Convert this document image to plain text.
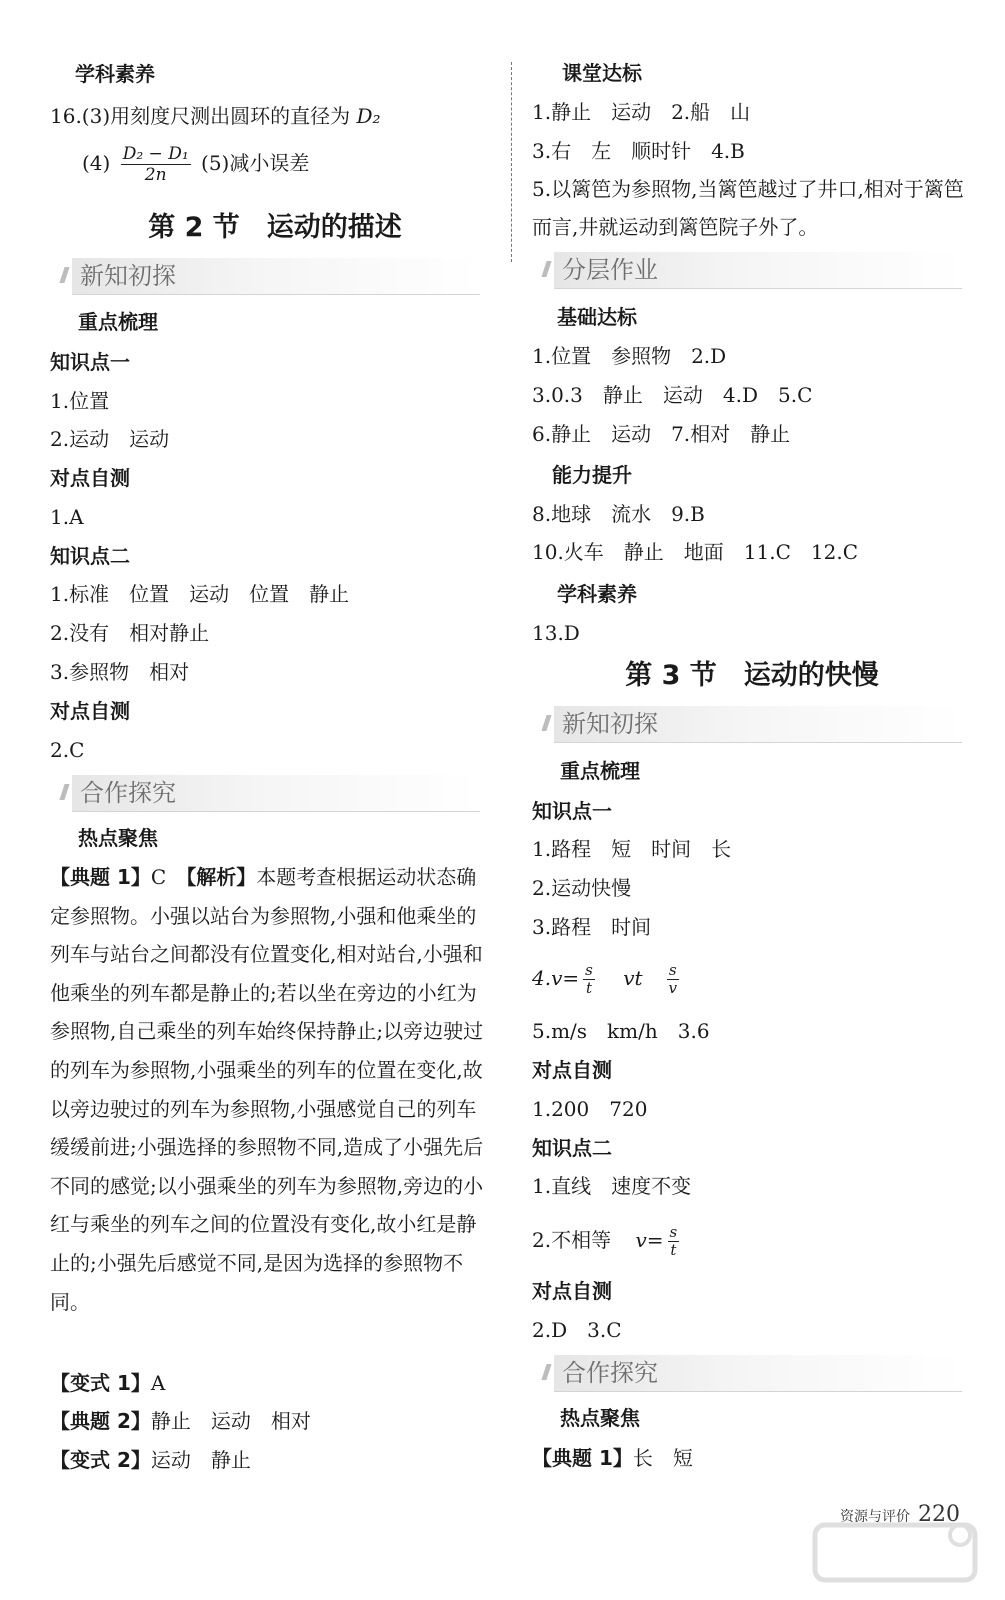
学科素养
16.(3)用刻度尺测出圆环的直径为 D₂
$(4) \frac{\text{D₂ − D₁}}{2n} (5)$减小误差
第 2 节　运动的描述
新知初探
重点梳理
知识点一
1.位置
2.运动　运动
对点自测
1.A
知识点二
1.标准　位置　运动　位置　静止
2.没有　相对静止
3.参照物　相对
对点自测
2.C
合作探究
热点聚焦
【典题 1】C　【解析】本题考查根据运动状态确定参照物。小强以站台为参照物,小强和他乘坐的列车与站台之间都没有位置变化,相对站台,小强和他乘坐的列车都是静止的;若以坐在旁边的小红为参照物,自己乘坐的列车始终保持静止;以旁边驶过的列车为参照物,小强乘坐的列车的位置在变化,故以旁边驶过的列车为参照物,小强感觉自己的列车缓缓前进;小强选择的参照物不同,造成了小强先后不同的感觉;以小强乘坐的列车为参照物,旁边的小红与乘坐的列车之间的位置没有变化,故小红是静止的;小强先后感觉不同,是因为选择的参照物不同。
【变式 1】A
【典题 2】静止　运动　相对
【变式 2】运动　静止
课堂达标
1.静止　运动　2.船　山
3.右　左　顺时针　4.B
5.以篱笆为参照物,当篱笆越过了井口,相对于篱笆而言,井就运动到篱笆院子外了。
分层作业
基础达标
1.位置　参照物　2.D
3.0.3　静止　运动　4.D　5.C
6.静止　运动　7.相对　静止
能力提升
8.地球　流水　9.B
10.火车　静止　地面　11.C　12.C
学科素养
13.D
第 3 节　运动的快慢
新知初探
重点梳理
知识点一
1.路程　短　时间　长
2.运动快慢
3.路程　时间
$4.v= \frac{s}{t}$ vt $\frac{s}{v}$
5.m/s　km/h　3.6
对点自测
1.200　720
知识点二
1.直线　速度不变
2.不相等 $v= \frac{s}{t}$
对点自测
2.D　3.C
合作探究
热点聚焦
【典题 1】长　短
资源与评价 220
